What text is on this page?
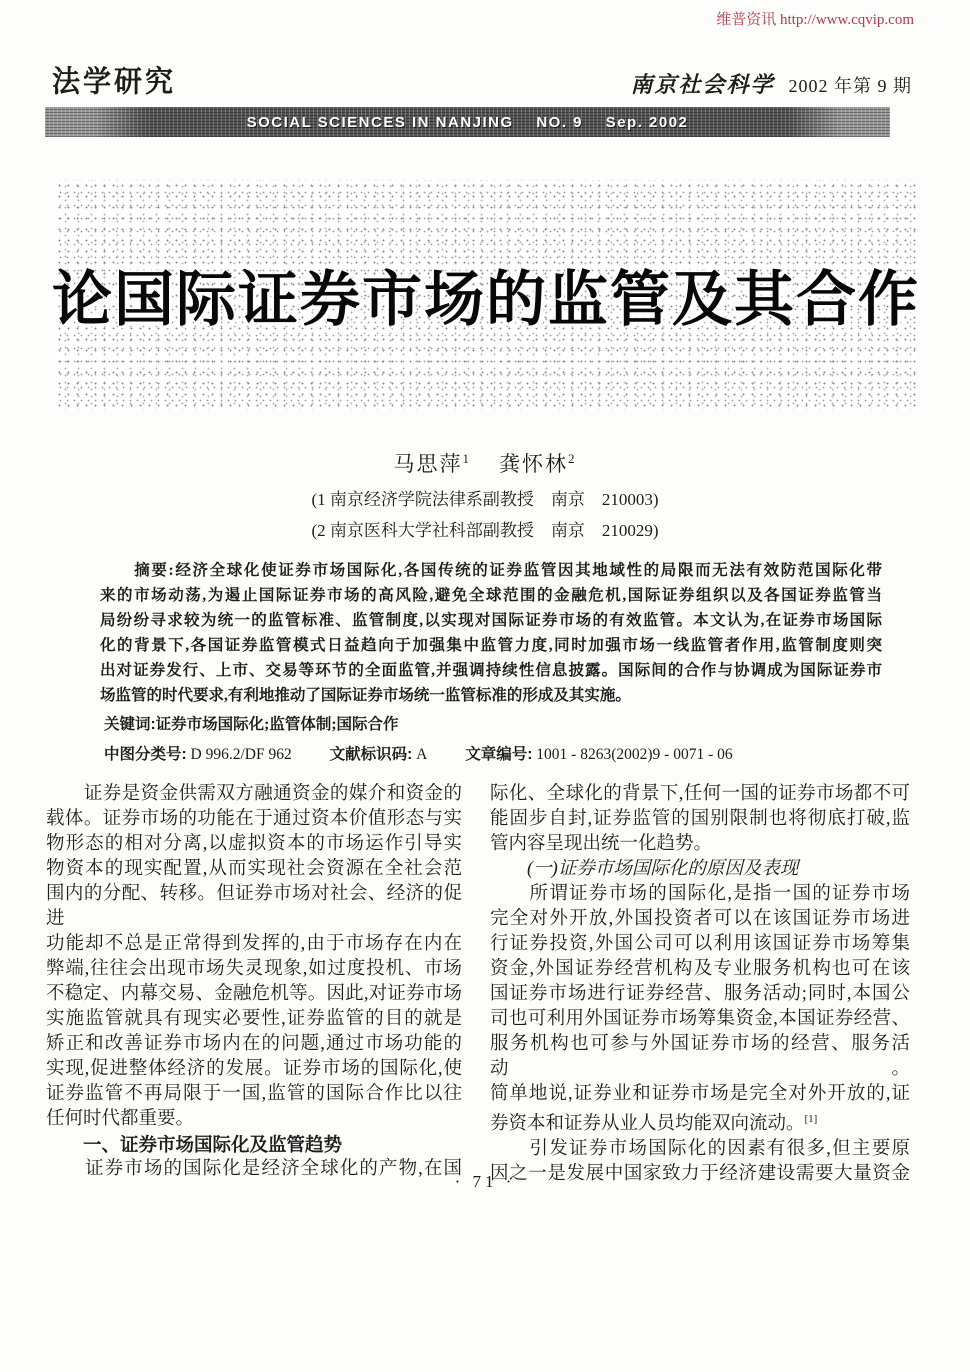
维普资讯 http://www.cqvip.com
法学研究	南京社会科学 2002 年第 9 期
SOCIAL SCIENCES IN NANJING    NO. 9    Sep. 2002
论国际证券市场的监管及其合作
马思萍$^1$ 龚怀林$^2$
(1 南京经济学院法律系副教授　南京　210003)
(2 南京医科大学社科部副教授　南京　210029)
　　摘要:经济全球化使证券市场国际化,各国传统的证券监管因其地域性的局限而无法有效防范国际化带
来的市场动荡,为遏止国际证券市场的高风险,避免全球范围的金融危机,国际证券组织以及各国证券监管当
局纷纷寻求较为统一的监管标准、监管制度,以实现对国际证券市场的有效监管。本文认为,在证券市场国际
化的背景下,各国证券监管模式日益趋向于加强集中监管力度,同时加强市场一线监管者作用,监管制度则突
出对证券发行、上市、交易等环节的全面监管,并强调持续性信息披露。国际间的合作与协调成为国际证券市
场监管的时代要求,有利地推动了国际证券市场统一监管标准的形成及其实施。
关键词:证券市场国际化;监管体制;国际合作
中图分类号: D 996.2/DF 962 文献标识码: A 文章编号: 1001 - 8263(2002)9 - 0071 - 06
　　证券是资金供需双方融通资金的媒介和资金的
载体。证券市场的功能在于通过资本价值形态与实
物形态的相对分离,以虚拟资本的市场运作引导实
物资本的现实配置,从而实现社会资源在全社会范
围内的分配、转移。但证券市场对社会、经济的促进
功能却不总是正常得到发挥的,由于市场存在内在
弊端,往往会出现市场失灵现象,如过度投机、市场
不稳定、内幕交易、金融危机等。因此,对证券市场
实施监管就具有现实必要性,证券监管的目的就是
矫正和改善证券市场内在的问题,通过市场功能的
实现,促进整体经济的发展。证券市场的国际化,使
证券监管不再局限于一国,监管的国际合作比以往
任何时代都重要。
　　一、证券市场国际化及监管趋势
　　证券市场的国际化是经济全球化的产物,在国
际化、全球化的背景下,任何一国的证券市场都不可
能固步自封,证券监管的国别限制也将彻底打破,监
管内容呈现出统一化趋势。
　　(一)证券市场国际化的原因及表现
　　所谓证券市场的国际化,是指一国的证券市场
完全对外开放,外国投资者可以在该国证券市场进
行证券投资,外国公司可以利用该国证券市场筹集
资金,外国证券经营机构及专业服务机构也可在该
国证券市场进行证券经营、服务活动;同时,本国公
司也可利用外国证券市场筹集资金,本国证券经营、
服务机构也可参与外国证券市场的经营、服务活动。
简单地说,证券业和证券市场是完全对外开放的,证
券资本和证券从业人员均能双向流动。[1]
　　引发证券市场国际化的因素有很多,但主要原
因之一是发展中国家致力于经济建设需要大量资金
· 71 ·
